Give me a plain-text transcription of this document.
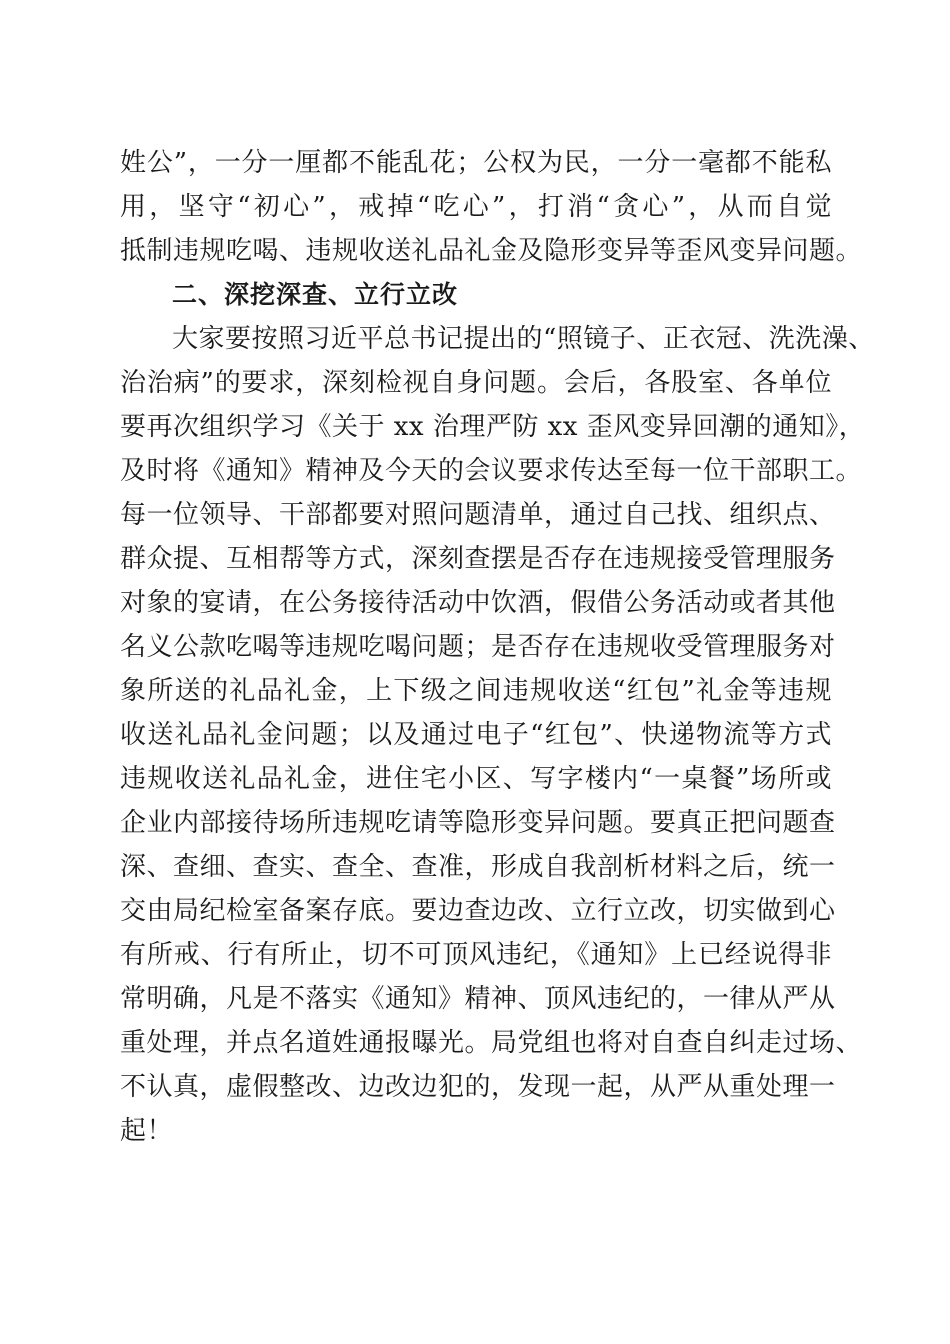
姓公”，一分一厘都不能乱花；公权为民，一分一毫都不能私
用，坚守“初心”，戒掉“吃心”，打消“贪心”，从而自觉
抵制违规吃喝、违规收送礼品礼金及隐形变异等歪风变异问题。
二、深挖深查、立行立改
大家要按照习近平总书记提出的“照镜子、正衣冠、洗洗澡、
治治病”的要求，深刻检视自身问题。会后，各股室、各单位
要再次组织学习《关于 xx 治理严防 xx 歪风变异回潮的通知》，
及时将《通知》精神及今天的会议要求传达至每一位干部职工。
每一位领导、干部都要对照问题清单，通过自己找、组织点、
群众提、互相帮等方式，深刻查摆是否存在违规接受管理服务
对象的宴请，在公务接待活动中饮酒，假借公务活动或者其他
名义公款吃喝等违规吃喝问题；是否存在违规收受管理服务对
象所送的礼品礼金，上下级之间违规收送“红包”礼金等违规
收送礼品礼金问题；以及通过电子“红包”、快递物流等方式
违规收送礼品礼金，进住宅小区、写字楼内“一桌餐”场所或
企业内部接待场所违规吃请等隐形变异问题。要真正把问题查
深、查细、查实、查全、查准，形成自我剖析材料之后，统一
交由局纪检室备案存底。要边查边改、立行立改，切实做到心
有所戒、行有所止，切不可顶风违纪，《通知》上已经说得非
常明确，凡是不落实《通知》精神、顶风违纪的，一律从严从
重处理，并点名道姓通报曝光。局党组也将对自查自纠走过场、
不认真，虚假整改、边改边犯的，发现一起，从严从重处理一
起！
